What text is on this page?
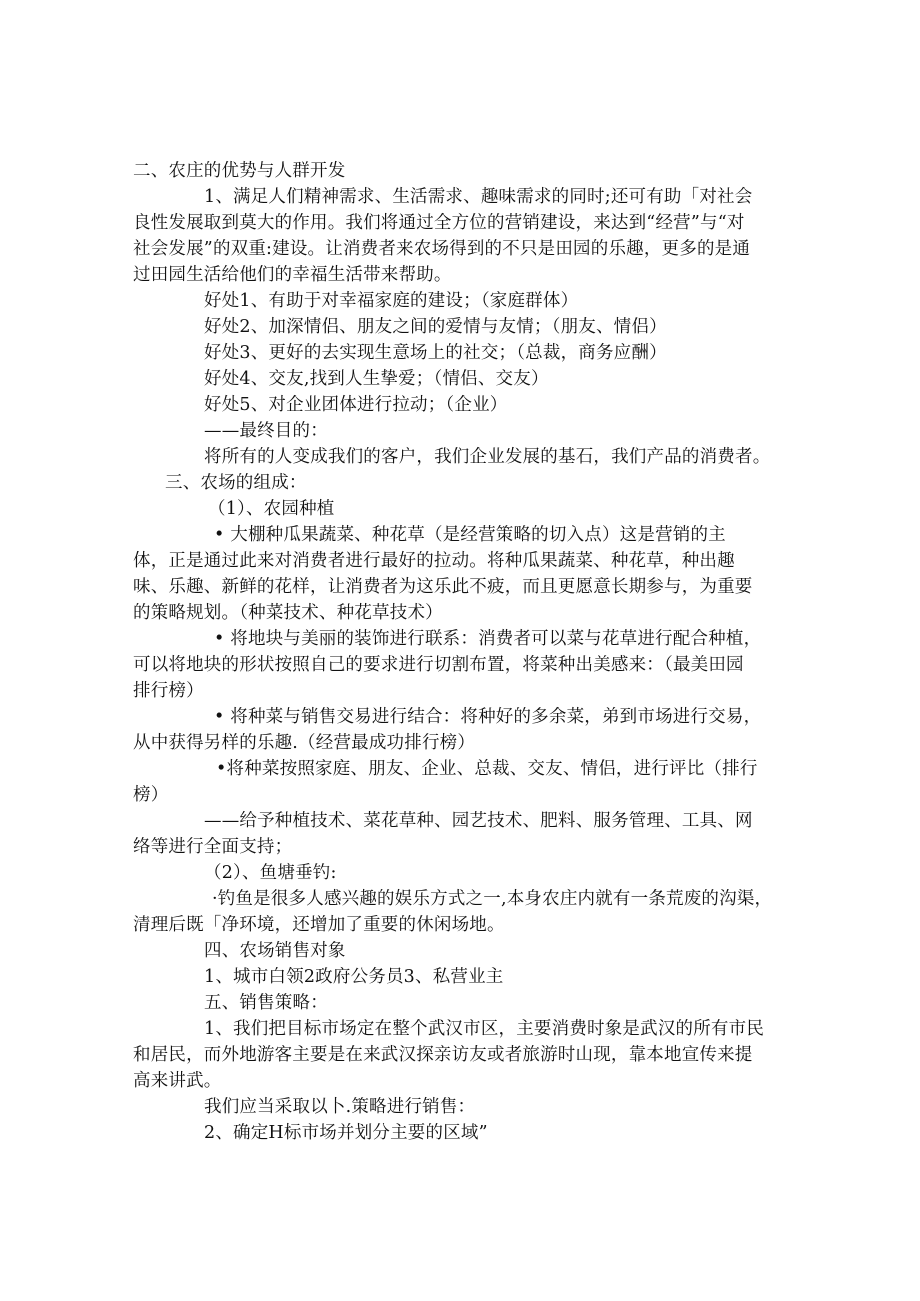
二、农庄的优势与人群开发
1、满足人们精神需求、生活需求、趣味需求的同时;还可有助「对社会
良性发展取到莫大的作用。我们将通过全方位的营销建设，来达到“经营”与“对
社会发展”的双重:建设。让消费者来农场得到的不只是田园的乐趣，更多的是通
过田园生活给他们的幸福生活带来帮助。
好处1、有助于对幸福家庭的建设；（家庭群体）
好处2、加深情侣、朋友之间的爱情与友情；（朋友、情侣）
好处3、更好的去实现生意场上的社交；（总裁，商务应酬）
好处4、交友,找到人生挚爱；（情侣、交友）
好处5、对企业团体进行拉动；（企业）
——最终目的：
将所有的人变成我们的客户，我们企业发展的基石，我们产品的消费者。
三、农场的组成：
（1）、农园种植
• 大棚种瓜果蔬菜、种花草（是经营策略的切入点）这是营销的主
体，正是通过此来对消费者进行最好的拉动。将种瓜果蔬菜、种花草，种出趣
味、乐趣、新鲜的花样，让消费者为这乐此不疲，而且更愿意长期参与，为重要
的策略规划。（种菜技术、种花草技术）
• 将地块与美丽的装饰进行联系：消费者可以菜与花草进行配合种植，
可以将地块的形状按照自己的要求进行切割布置，将菜种出美感来：（最美田园
排行榜）
• 将种菜与销售交易进行结合：将种好的多余菜，弟到市场进行交易，
从中获得另样的乐趣.（经营最成功排行榜）
•将种菜按照家庭、朋友、企业、总裁、交友、情侣，进行评比（排行
榜）
——给予种植技术、菜花草种、园艺技术、肥料、服务管理、工具、网
络等进行全面支持；
（2）、鱼塘垂钓:
·钓鱼是很多人感兴趣的娱乐方式之一,本身农庄内就有一条荒废的沟渠，
清理后既「净环境，还增加了重要的休闲场地。
四、农场销售对象
1、城市白领2政府公务员3、私营业主
五、销售策略：
1、我们把目标市场定在整个武汉市区，主要消费时象是武汉的所有市民
和居民，而外地游客主要是在来武汉探亲访友或者旅游时山现，靠本地宣传来提
高来讲武。
我们应当采取以卜.策略进行销售：
2、确定H标市场并划分主要的区域”
